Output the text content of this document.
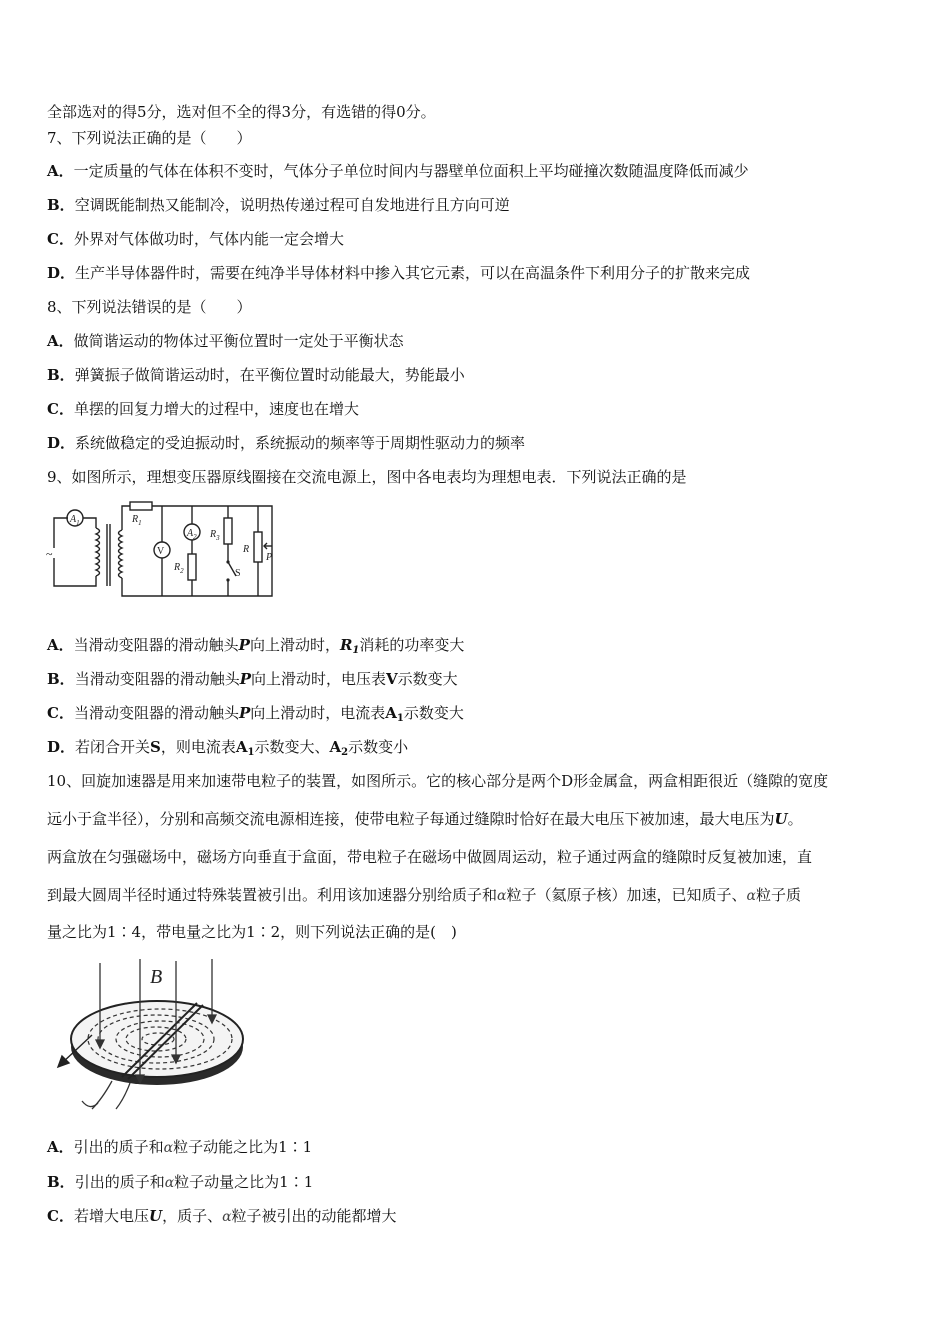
全部选对的得5分，选对但不全的得3分，有选错的得0分。
7、下列说法正确的是（　　）
A．一定质量的气体在体积不变时，气体分子单位时间内与器壁单位面积上平均碰撞次数随温度降低而减少
B．空调既能制热又能制冷，说明热传递过程可自发地进行且方向可逆
C．外界对气体做功时，气体内能一定会增大
D．生产半导体器件时，需要在纯净半导体材料中掺入其它元素，可以在高温条件下利用分子的扩散来完成
8、下列说法错误的是（　　）
A．做简谐运动的物体过平衡位置时一定处于平衡状态
B．弹簧振子做简谐运动时，在平衡位置时动能最大，势能最小
C．单摆的回复力增大的过程中，速度也在增大
D．系统做稳定的受迫振动时，系统振动的频率等于周期性驱动力的频率
9、如图所示，理想变压器原线圈接在交流电源上，图中各电表均为理想电表．下列说法正确的是
~
$A_1$
$A_2$
V
$R_1$
$R_2$
$R_3$
R
P
S
A．当滑动变阻器的滑动触头P向上滑动时，$R_1$消耗的功率变大
B．当滑动变阻器的滑动触头P向上滑动时，电压表V示数变大
C．当滑动变阻器的滑动触头P向上滑动时，电流表$A_1$示数变大
D．若闭合开关S，则电流表$A_1$示数变大、$A_2$示数变小
10、回旋加速器是用来加速带电粒子的装置，如图所示。它的核心部分是两个D形金属盒，两盒相距很近（缝隙的宽度
远小于盒半径），分别和高频交流电源相连接，使带电粒子每通过缝隙时恰好在最大电压下被加速，最大电压为U。
两盒放在匀强磁场中，磁场方向垂直于盒面，带电粒子在磁场中做圆周运动，粒子通过两盒的缝隙时反复被加速，直
到最大圆周半径时通过特殊装置被引出。利用该加速器分别给质子和α粒子（氦原子核）加速，已知质子、α粒子质
量之比为1∶4，带电量之比为1∶2，则下列说法正确的是(　)
B
A．引出的质子和α粒子动能之比为1∶1
B．引出的质子和α粒子动量之比为1∶1
C．若增大电压U，质子、α粒子被引出的动能都增大
